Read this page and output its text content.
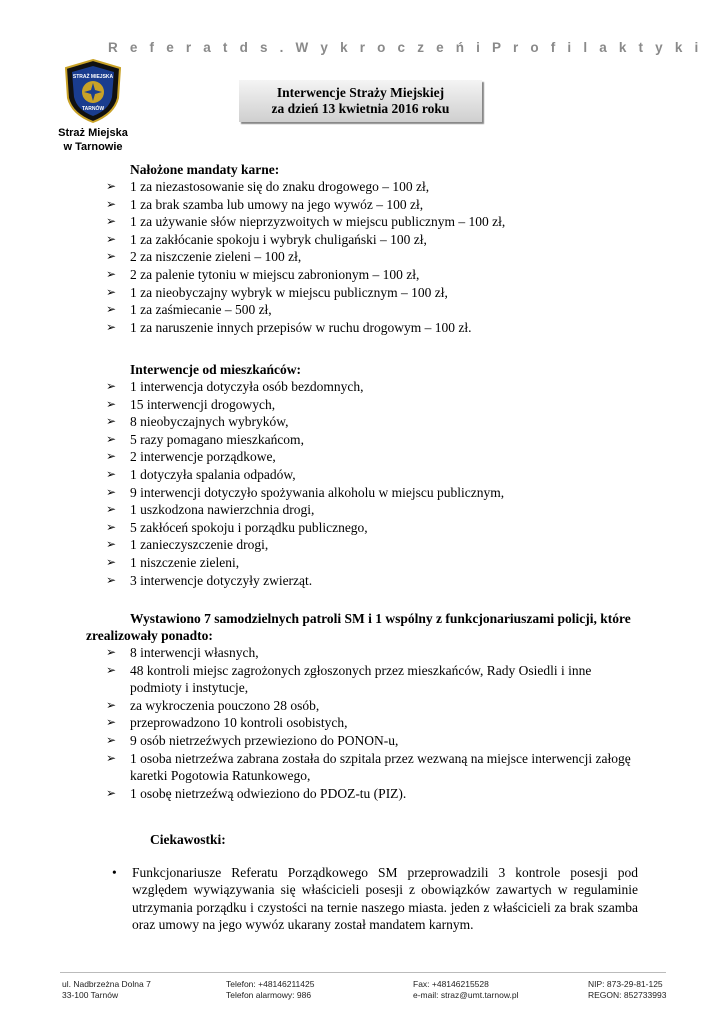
R e f e r a t d s . W y k r o c z e ń i P r o f i l a k t y k i
STRAŻ MIEJSKA
TARNÓW
Straż Miejska
w Tarnowie
Interwencje Straży Miejskiej
za dzień 13 kwietnia 2016 roku
Nałożone mandaty karne:
➢ 1 za niezastosowanie się do znaku drogowego – 100 zł,
➢ 1 za brak szamba lub umowy na jego wywóz – 100 zł,
➢ 1 za używanie słów nieprzyzwoitych w miejscu publicznym – 100 zł,
➢ 1 za zakłócanie spokoju i wybryk chuligański – 100 zł,
➢ 2 za niszczenie zieleni – 100 zł,
➢ 2 za palenie tytoniu w miejscu zabronionym – 100 zł,
➢ 1 za nieobyczajny wybryk w miejscu publicznym – 100 zł,
➢ 1 za zaśmiecanie – 500 zł,
➢ 1 za naruszenie innych przepisów w ruchu drogowym – 100 zł.
Interwencje od mieszkańców:
➢ 1 interwencja dotyczyła osób bezdomnych,
➢ 15 interwencji drogowych,
➢ 8 nieobyczajnych wybryków,
➢ 5 razy pomagano mieszkańcom,
➢ 2 interwencje porządkowe,
➢ 1 dotyczyła spalania odpadów,
➢ 9 interwencji dotyczyło spożywania alkoholu w miejscu publicznym,
➢ 1 uszkodzona nawierzchnia drogi,
➢ 5 zakłóceń spokoju i porządku publicznego,
➢ 1 zanieczyszczenie drogi,
➢ 1 niszczenie zieleni,
➢ 3 interwencje dotyczyły zwierząt.
Wystawiono 7 samodzielnych patroli SM i 1 wspólny z funkcjonariuszami policji, które zrealizowały ponadto:
➢ 8 interwencji własnych,
➢ 48 kontroli miejsc zagrożonych zgłoszonych przez mieszkańców, Rady Osiedli i inne podmioty i instytucje,
➢ za wykroczenia pouczono 28 osób,
➢ przeprowadzono 10 kontroli osobistych,
➢ 9 osób nietrzeźwych przewieziono do PONON-u,
➢ 1 osoba nietrzeźwa zabrana została do szpitala przez wezwaną na miejsce interwencji załogę karetki Pogotowia Ratunkowego,
➢ 1 osobę nietrzeźwą odwieziono do PDOZ-tu (PIZ).
Ciekawostki:
• Funkcjonariusze Referatu Porządkowego SM przeprowadzili 3 kontrole posesji pod względem wywiązywania się właścicieli posesji z obowiązków zawartych w regulaminie utrzymania porządku i czystości na ternie naszego miasta. jeden z właścicieli za brak szamba oraz umowy na jego wywóz ukarany został mandatem karnym.
ul. Nadbrzeżna Dolna 7
33-100 Tarnów
Telefon: +48146211425
Telefon alarmowy: 986
Fax: +48146215528
e-mail: straz@umt.tarnow.pl
NIP: 873-29-81-125
REGON: 852733993
